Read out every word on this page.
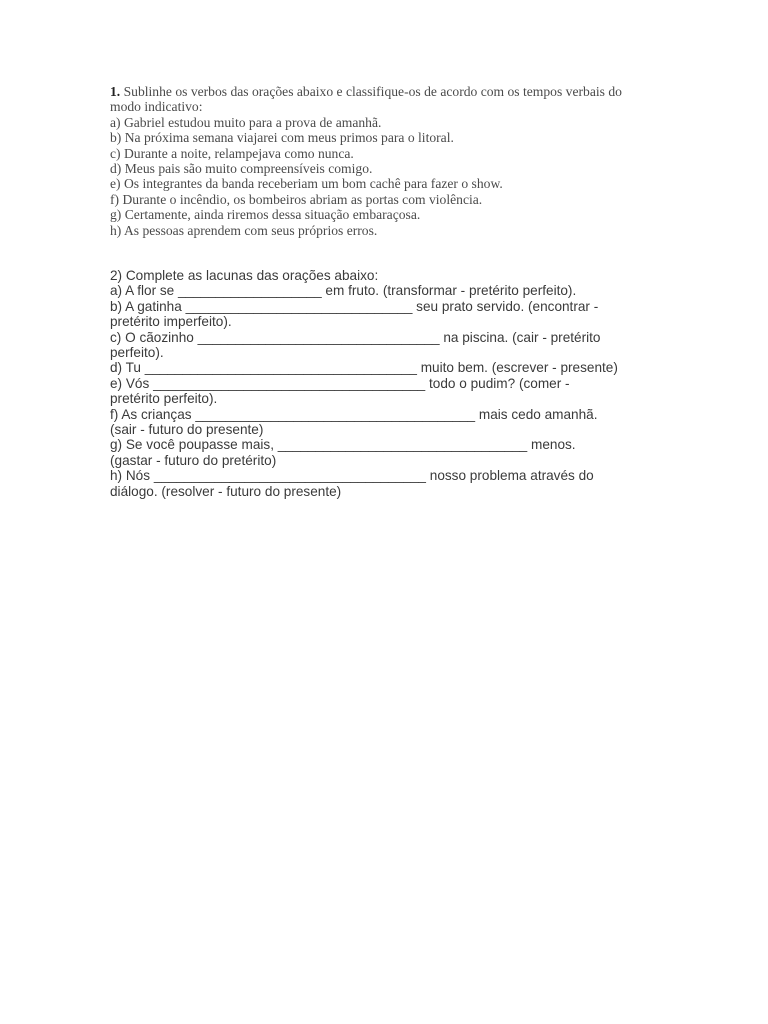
1. Sublinhe os verbos das orações abaixo e classifique-os de acordo com os tempos verbais do

modo indicativo:

a) Gabriel estudou muito para a prova de amanhã.

b) Na próxima semana viajarei com meus primos para o litoral.

c) Durante a noite, relampejava como nunca.

d) Meus pais são muito compreensíveis comigo.

e) Os integrantes da banda receberiam um bom cachê para fazer o show.

f) Durante o incêndio, os bombeiros abriam as portas com violência.

g) Certamente, ainda riremos dessa situação embaraçosa.

h) As pessoas aprendem com seus próprios erros.

2) Complete as lacunas das orações abaixo:

a) A flor se ___________________ em fruto. (transformar - pretérito perfeito).

b) A gatinha ______________________________ seu prato servido. (encontrar -

pretérito imperfeito).

c) O cãozinho ________________________________ na piscina. (cair - pretérito

perfeito).

d) Tu ____________________________________ muito bem. (escrever - presente)

e) Vós ____________________________________ todo o pudim? (comer -

pretérito perfeito).

f) As crianças _____________________________________ mais cedo amanhã.

(sair - futuro do presente)

g) Se você poupasse mais, _________________________________ menos.

(gastar - futuro do pretérito)

h) Nós ____________________________________ nosso problema através do

diálogo. (resolver - futuro do presente)
